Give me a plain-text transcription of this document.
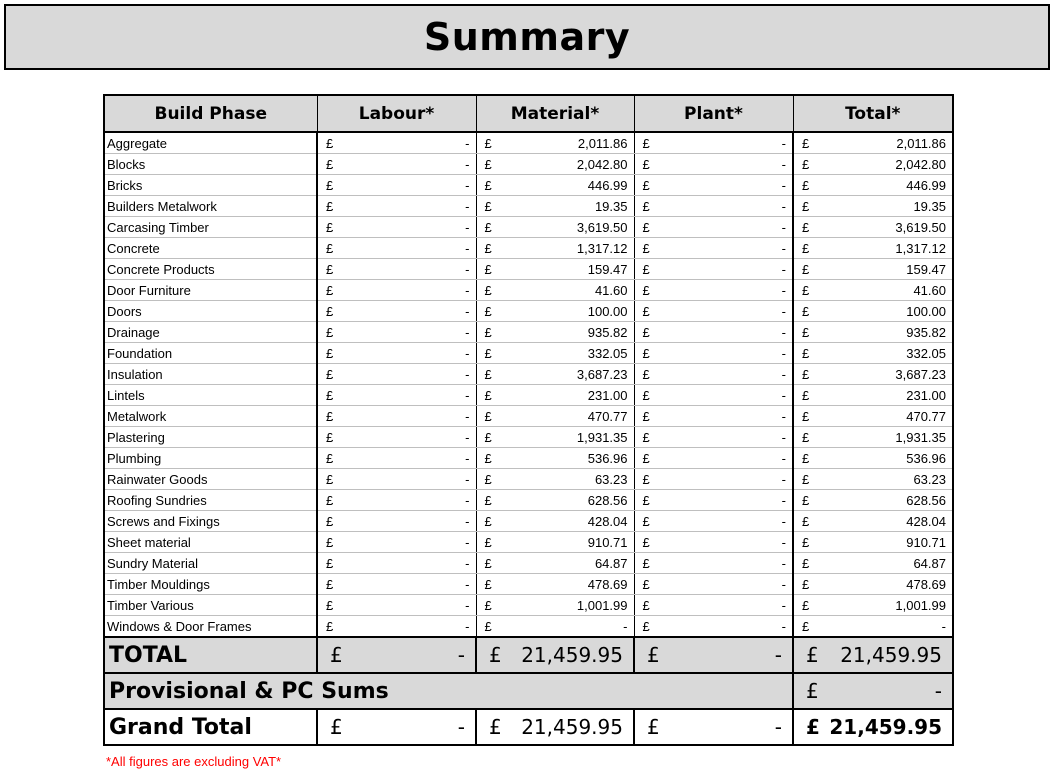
Summary
Build Phase	Labour*	Material*	Plant*	Total*
Aggregate	£ -	£ 2,011.86	£ -	£ 2,011.86

Blocks	£ -	£ 2,042.80	£ -	£ 2,042.80

Bricks	£ -	£ 446.99	£ -	£ 446.99

Builders Metalwork	£ -	£ 19.35	£ -	£ 19.35

Carcasing Timber	£ -	£ 3,619.50	£ -	£ 3,619.50

Concrete	£ -	£ 1,317.12	£ -	£ 1,317.12

Concrete Products	£ -	£ 159.47	£ -	£ 159.47

Door Furniture	£ -	£ 41.60	£ -	£ 41.60

Doors	£ -	£ 100.00	£ -	£ 100.00

Drainage	£ -	£ 935.82	£ -	£ 935.82

Foundation	£ -	£ 332.05	£ -	£ 332.05

Insulation	£ -	£ 3,687.23	£ -	£ 3,687.23

Lintels	£ -	£ 231.00	£ -	£ 231.00

Metalwork	£ -	£ 470.77	£ -	£ 470.77

Plastering	£ -	£ 1,931.35	£ -	£ 1,931.35

Plumbing	£ -	£ 536.96	£ -	£ 536.96

Rainwater Goods	£ -	£ 63.23	£ -	£ 63.23

Roofing Sundries	£ -	£ 628.56	£ -	£ 628.56

Screws and Fixings	£ -	£ 428.04	£ -	£ 428.04

Sheet material	£ -	£ 910.71	£ -	£ 910.71

Sundry Material	£ -	£ 64.87	£ -	£ 64.87

Timber Mouldings	£ -	£ 478.69	£ -	£ 478.69

Timber Various	£ -	£ 1,001.99	£ -	£ 1,001.99

Windows & Door Frames	£ -	£ -	£ -	£ -

TOTAL	£ -	£ 21,459.95	£ -	£ 21,459.95

Provisional & PC Sums				£ -

Grand Total	£ -	£ 21,459.95	£ -	£ 21,459.95
*All figures are excluding VAT*
